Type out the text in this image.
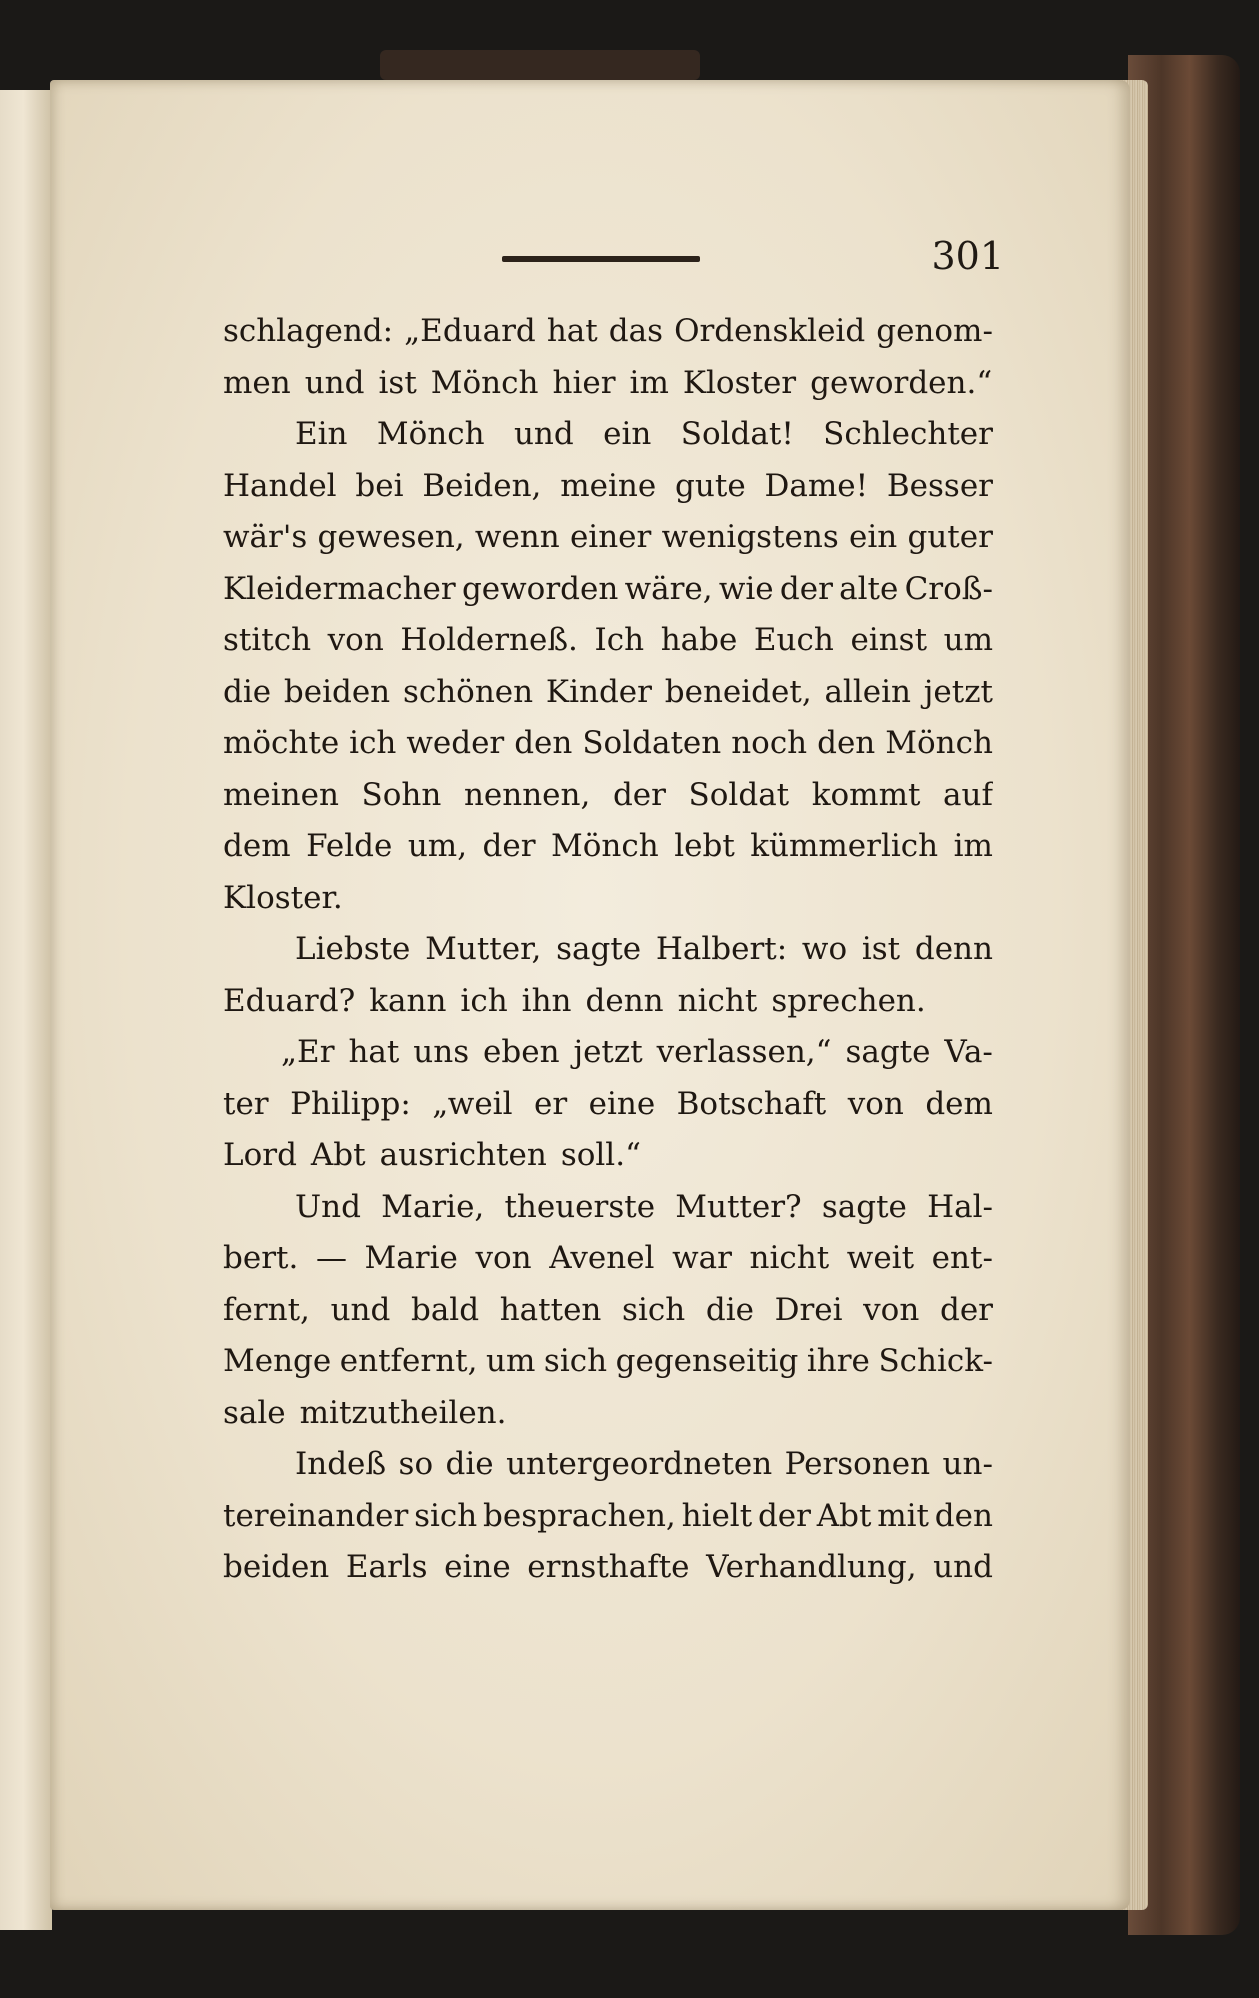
301
schlagend: „Eduard hat das Ordenskleid genom-
men und ist Mönch hier im Kloster geworden.“
Ein Mönch und ein Soldat! Schlechter
Handel bei Beiden, meine gute Dame! Besser
wär's gewesen, wenn einer wenigstens ein guter
Kleidermacher geworden wäre, wie der alte Croß-
stitch von Holderneß. Ich habe Euch einst um
die beiden schönen Kinder beneidet, allein jetzt
möchte ich weder den Soldaten noch den Mönch
meinen Sohn nennen, der Soldat kommt auf
dem Felde um, der Mönch lebt kümmerlich im
Kloster.
Liebste Mutter, sagte Halbert: wo ist denn
Eduard? kann ich ihn denn nicht sprechen.
„Er hat uns eben jetzt verlassen,“ sagte Va-
ter Philipp: „weil er eine Botschaft von dem
Lord Abt ausrichten soll.“
Und Marie, theuerste Mutter? sagte Hal-
bert. — Marie von Avenel war nicht weit ent-
fernt, und bald hatten sich die Drei von der
Menge entfernt, um sich gegenseitig ihre Schick-
sale mitzutheilen.
Indeß so die untergeordneten Personen un-
tereinander sich besprachen, hielt der Abt mit den
beiden Earls eine ernsthafte Verhandlung, und
